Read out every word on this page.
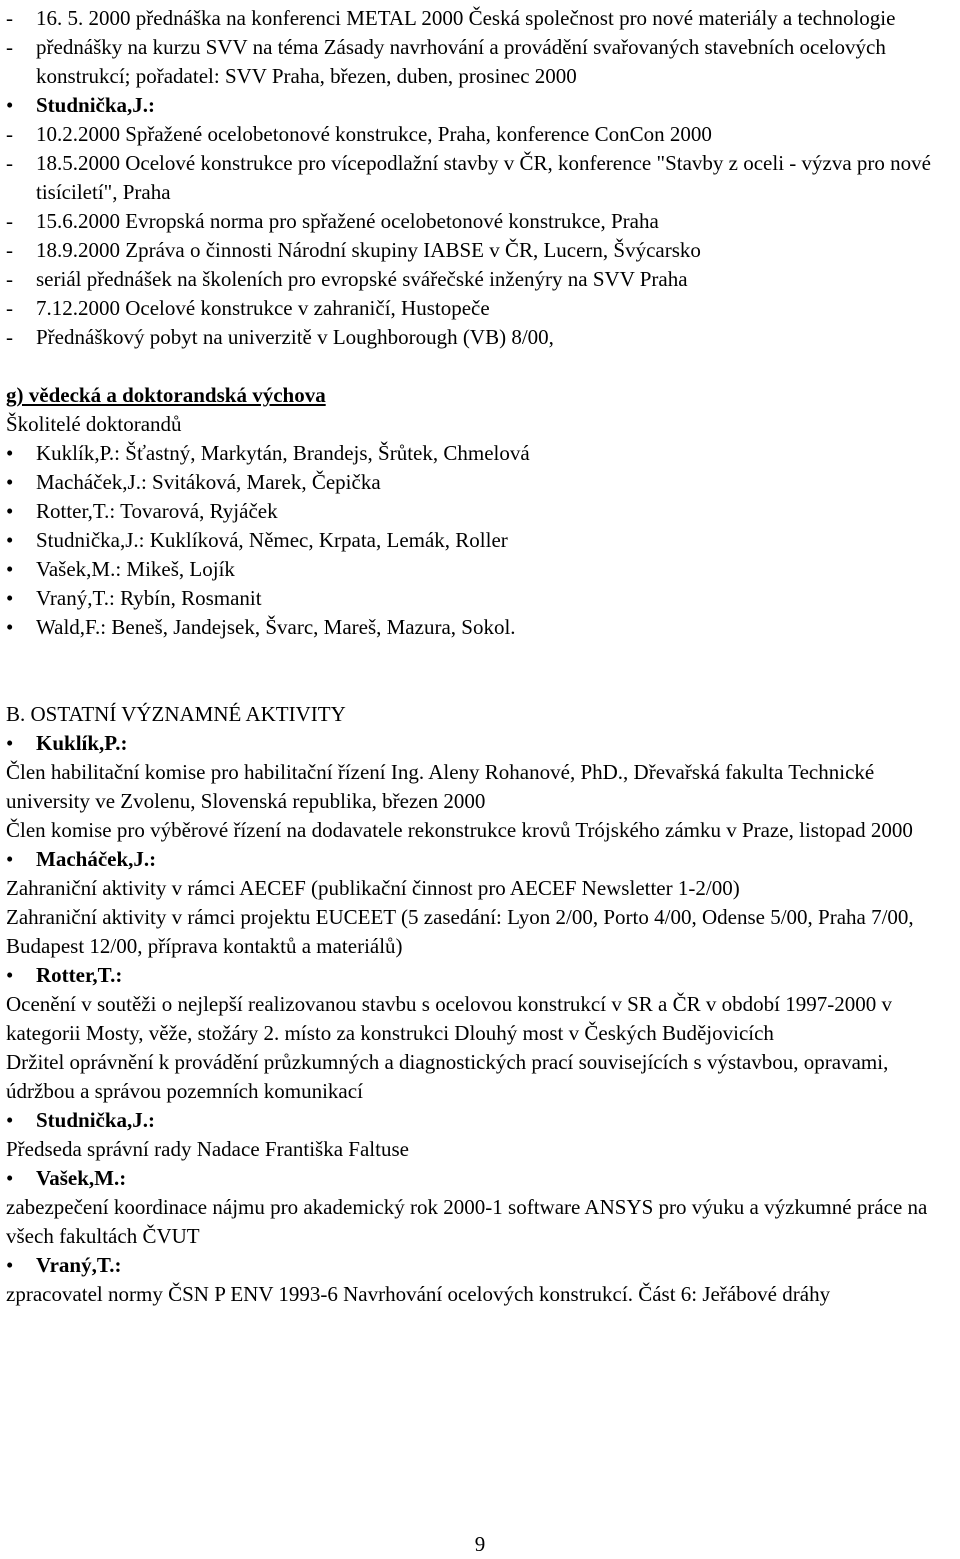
-	16. 5. 2000 přednáška na konferenci METAL 2000 Česká společnost pro nové materiály a technologie
-	přednášky na kurzu SVV na téma Zásady navrhování a provádění svařovaných stavebních ocelových konstrukcí; pořadatel: SVV Praha, březen, duben, prosinec 2000
•	Studnička,J.:
-	10.2.2000 Spřažené ocelobetonové konstrukce, Praha, konference ConCon 2000
-	18.5.2000 Ocelové konstrukce pro vícepodlažní stavby v ČR, konference "Stavby z oceli - výzva pro nové tisíciletí", Praha
-	15.6.2000 Evropská norma pro spřažené ocelobetonové konstrukce, Praha
-	18.9.2000 Zpráva o činnosti Národní skupiny IABSE v ČR, Lucern, Švýcarsko
-	seriál přednášek na školeních pro evropské svářečské inženýry na SVV Praha
-	7.12.2000 Ocelové konstrukce v zahraničí, Hustopeče
-	Přednáškový pobyt na univerzitě v Loughborough (VB) 8/00,
g) vědecká a doktorandská výchova
Školitelé doktorandů
•	Kuklík,P.: Šťastný, Markytán, Brandejs, Šrůtek, Chmelová
•	Macháček,J.: Svitáková, Marek, Čepička
•	Rotter,T.: Tovarová, Ryjáček
•	Studnička,J.: Kuklíková, Němec, Krpata, Lemák, Roller
•	Vašek,M.: Mikeš, Lojík
•	Vraný,T.: Rybín, Rosmanit
•	Wald,F.: Beneš, Jandejsek, Švarc, Mareš, Mazura, Sokol.
B. OSTATNÍ VÝZNAMNÉ AKTIVITY
•	Kuklík,P.:
Člen habilitační komise pro habilitační řízení Ing. Aleny Rohanové, PhD., Dřevařská fakulta Technické university ve Zvolenu, Slovenská republika, březen 2000
Člen komise pro výběrové řízení na dodavatele rekonstrukce krovů Trójského zámku v Praze, listopad 2000
•	Macháček,J.:
Zahraniční aktivity v rámci AECEF (publikační činnost pro AECEF Newsletter 1-2/00)
Zahraniční aktivity v rámci projektu EUCEET (5 zasedání: Lyon 2/00, Porto 4/00, Odense 5/00, Praha 7/00, Budapest 12/00, příprava kontaktů a materiálů)
•	Rotter,T.:
Ocenění v soutěži o nejlepší realizovanou stavbu s ocelovou konstrukcí v SR a ČR v období 1997-2000 v kategorii Mosty, věže, stožáry 2. místo za konstrukci Dlouhý most v Českých Budějovicích
Držitel oprávnění k provádění průzkumných a diagnostických prací souvisejících s výstavbou, opravami, údržbou a správou pozemních komunikací
•	Studnička,J.:
Předseda správní rady Nadace Františka Faltuse
•	Vašek,M.:
zabezpečení koordinace nájmu pro akademický rok 2000-1 software ANSYS pro výuku a výzkumné práce na všech fakultách ČVUT
•	Vraný,T.:
zpracovatel normy ČSN P ENV 1993-6 Navrhování ocelových konstrukcí. Část 6: Jeřábové dráhy
9
